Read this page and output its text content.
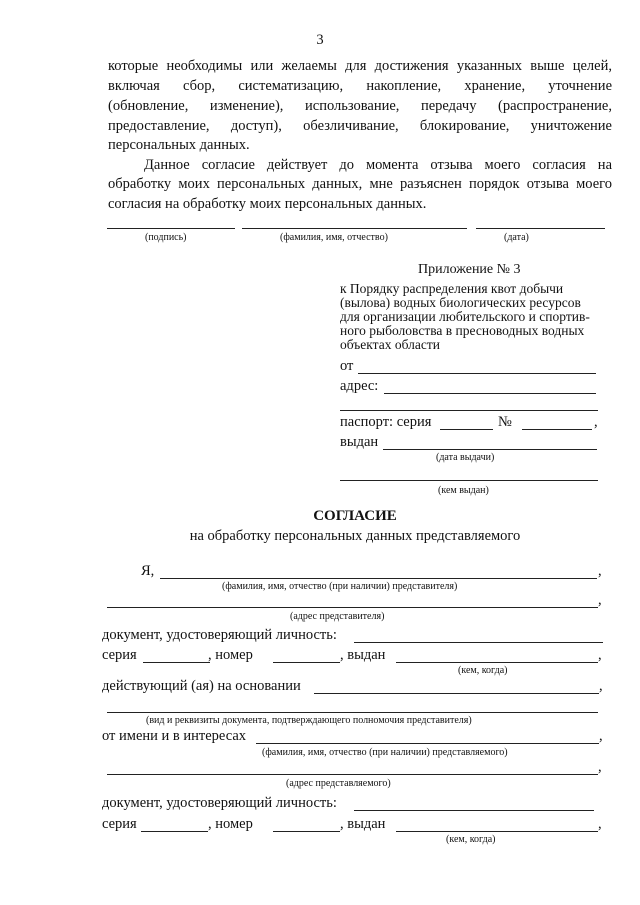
3
которые необходимы или желаемы для достижения указанных выше целей,
включая сбор, систематизацию, накопление, хранение, уточнение
(обновление, изменение), использование, передачу (распространение,
предоставление, доступ), обезличивание, блокирование, уничтожение
персональных данных.
Данное согласие действует до момента отзыва моего согласия на
обработку моих персональных данных, мне разъяснен порядок отзыва моего
согласия на обработку моих персональных данных.
(подпись)	(фамилия, имя, отчество)	(дата)
Приложение № 3
к Порядку распределения квот добычи
(вылова) водных биологических ресурсов
для организации любительского и спортив-
ного рыболовства в пресноводных водных
объектах области
от
адрес:
паспорт: серия	№	,
выдан
(дата выдачи)
(кем выдан)
СОГЛАСИЕ
на обработку персональных данных представляемого
Я,	,
(фамилия, имя, отчество (при наличии) представителя)
,
(адрес представителя)
документ, удостоверяющий личность:
серия	, номер	, выдан	,
(кем, когда)
действующий (ая) на основании	,
(вид и реквизиты документа, подтверждающего полномочия представителя)
от имени и в интересах	,
(фамилия, имя, отчество (при наличии) представляемого)
,
(адрес представляемого)
документ, удостоверяющий личность:
серия	, номер	, выдан	,
(кем, когда)
